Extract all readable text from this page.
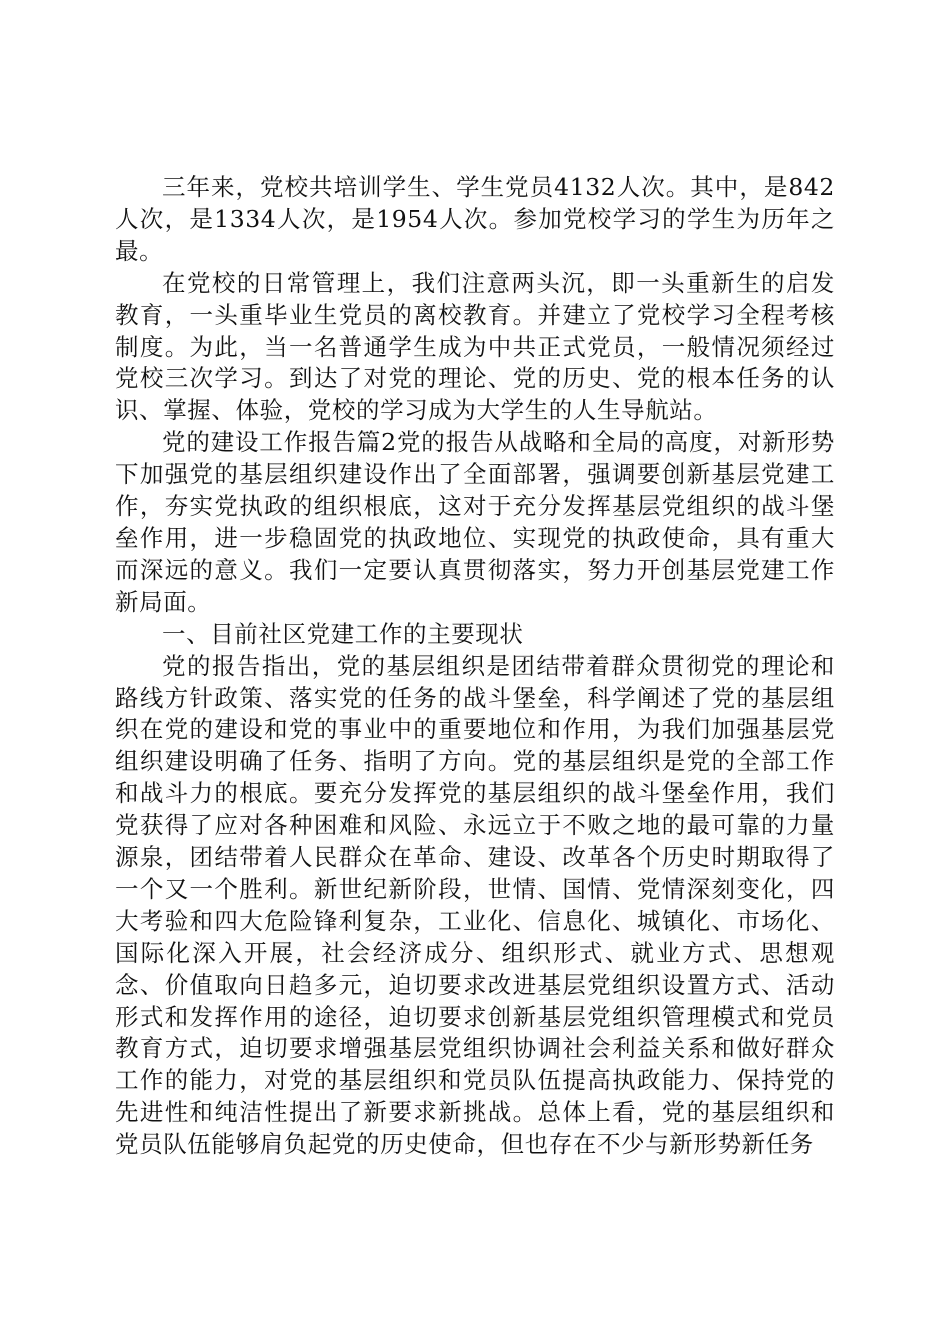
三年来，党校共培训学生、学生党员4132人次。其中，是842人次，是1334人次，是1954人次。参加党校学习的学生为历年之最。

在党校的日常管理上，我们注意两头沉，即一头重新生的启发教育，一头重毕业生党员的离校教育。并建立了党校学习全程考核制度。为此，当一名普通学生成为中共正式党员，一般情况须经过党校三次学习。到达了对党的理论、党的历史、党的根本任务的认识、掌握、体验，党校的学习成为大学生的人生导航站。

党的建设工作报告篇2党的报告从战略和全局的高度，对新形势下加强党的基层组织建设作出了全面部署，强调要创新基层党建工作，夯实党执政的组织根底，这对于充分发挥基层党组织的战斗堡垒作用，进一步稳固党的执政地位、实现党的执政使命，具有重大而深远的意义。我们一定要认真贯彻落实，努力开创基层党建工作新局面。

一、目前社区党建工作的主要现状

党的报告指出，党的基层组织是团结带着群众贯彻党的理论和路线方针政策、落实党的任务的战斗堡垒，科学阐述了党的基层组织在党的建设和党的事业中的重要地位和作用，为我们加强基层党组织建设明确了任务、指明了方向。党的基层组织是党的全部工作和战斗力的根底。要充分发挥党的基层组织的战斗堡垒作用，我们党获得了应对各种困难和风险、永远立于不败之地的最可靠的力量源泉，团结带着人民群众在革命、建设、改革各个历史时期取得了一个又一个胜利。新世纪新阶段，世情、国情、党情深刻变化，四大考验和四大危险锋利复杂，工业化、信息化、城镇化、市场化、国际化深入开展，社会经济成分、组织形式、就业方式、思想观念、价值取向日趋多元，迫切要求改进基层党组织设置方式、活动形式和发挥作用的途径，迫切要求创新基层党组织管理模式和党员教育方式，迫切要求增强基层党组织协调社会利益关系和做好群众工作的能力，对党的基层组织和党员队伍提高执政能力、保持党的先进性和纯洁性提出了新要求新挑战。总体上看，党的基层组织和党员队伍能够肩负起党的历史使命，但也存在不少与新形势新任务
